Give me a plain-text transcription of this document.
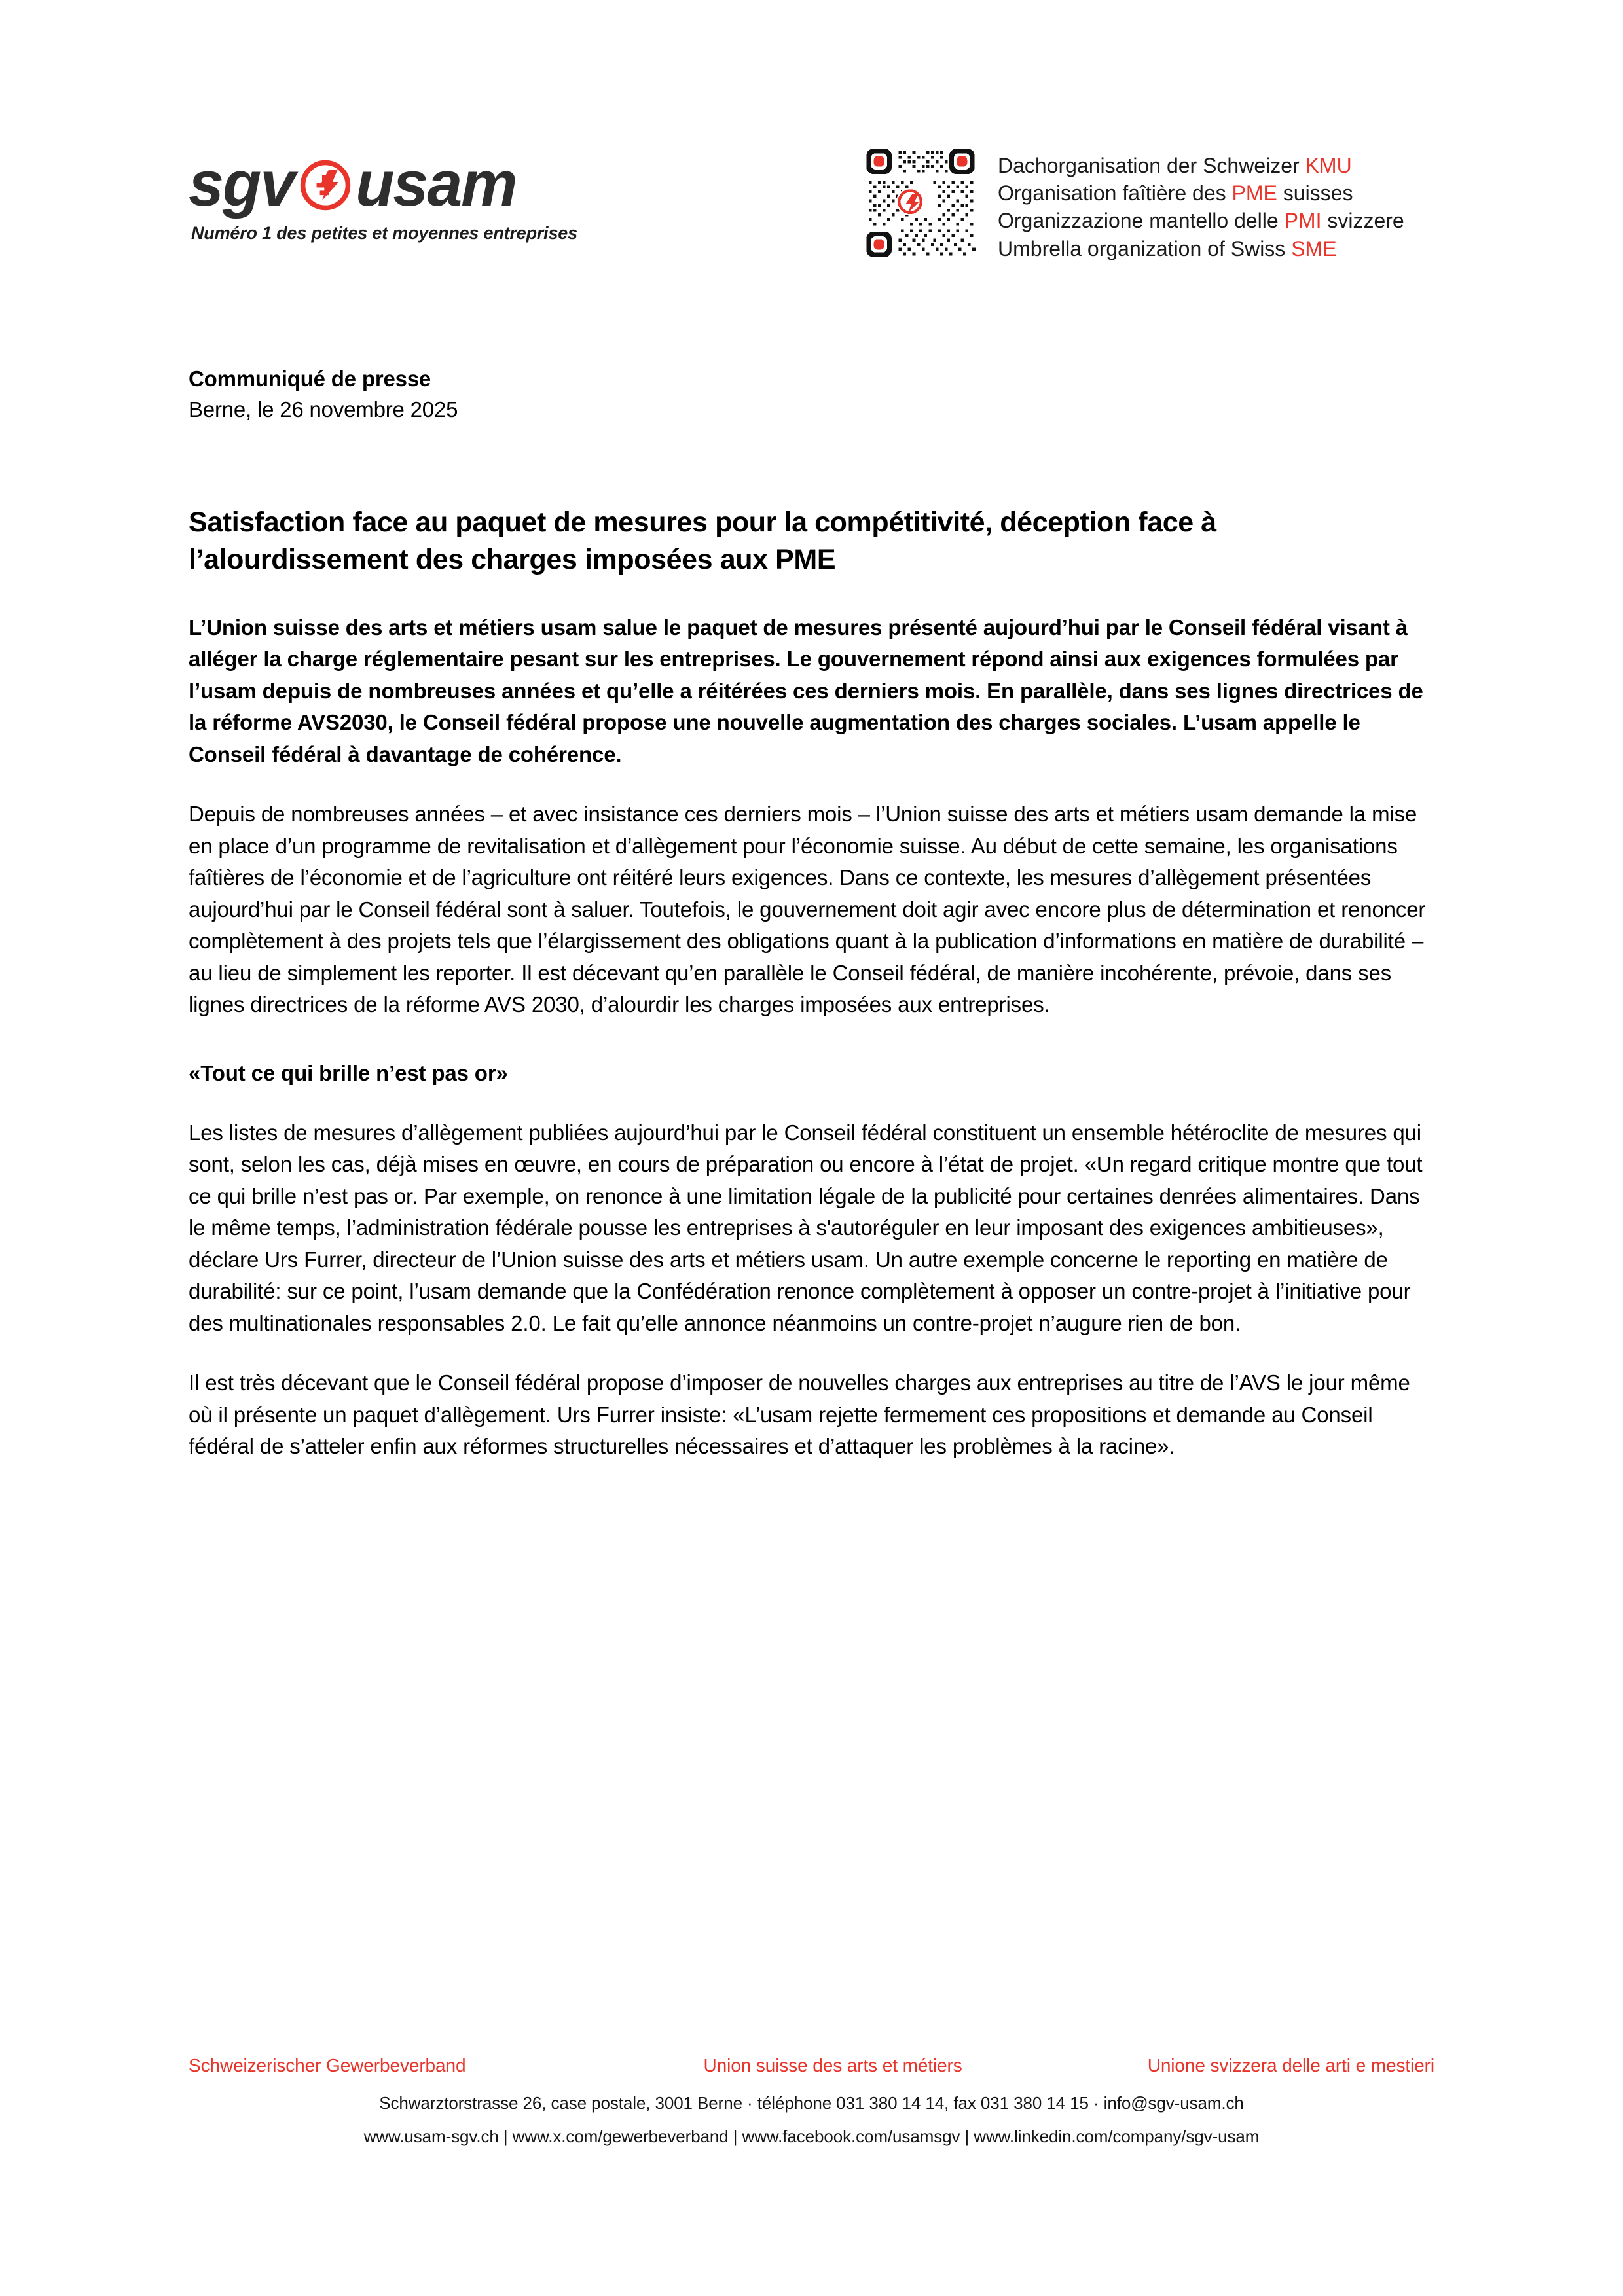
sgv usam
Numéro 1 des petites et moyennes entreprises
Dachorganisation der Schweizer KMU
Organisation faîtière des PME suisses
Organizzazione mantello delle PMI svizzere
Umbrella organization of Swiss SME
Communiqué de presse
Berne, le 26 novembre 2025
Satisfaction face au paquet de mesures pour la compétitivité, déception face à l’alourdissement des charges imposées aux PME

L’Union suisse des arts et métiers usam salue le paquet de mesures présenté aujourd’hui par le Conseil fédéral visant à alléger la charge réglementaire pesant sur les entreprises. Le gouvernement répond ainsi aux exigences formulées par l’usam depuis de nombreuses années et qu’elle a réitérées ces derniers mois. En parallèle, dans ses lignes directrices de la réforme AVS2030, le Conseil fédéral propose une nouvelle augmentation des charges sociales. L’usam appelle le Conseil fédéral à davantage de cohérence.

Depuis de nombreuses années – et avec insistance ces derniers mois – l’Union suisse des arts et métiers usam demande la mise en place d’un programme de revitalisation et d’allègement pour l’économie suisse. Au début de cette semaine, les organisations faîtières de l’économie et de l’agriculture ont réitéré leurs exigences. Dans ce contexte, les mesures d’allègement présentées aujourd’hui par le Conseil fédéral sont à saluer. Toutefois, le gouvernement doit agir avec encore plus de détermination et renoncer complètement à des projets tels que l’élargissement des obligations quant à la publication d’informations en matière de durabilité – au lieu de simplement les reporter. Il est décevant qu’en parallèle le Conseil fédéral, de manière incohérente, prévoie, dans ses lignes directrices de la réforme AVS 2030, d’alourdir les charges imposées aux entreprises.

«Tout ce qui brille n’est pas or»

Les listes de mesures d’allègement publiées aujourd’hui par le Conseil fédéral constituent un ensemble hétéroclite de mesures qui sont, selon les cas, déjà mises en œuvre, en cours de préparation ou encore à l’état de projet. «Un regard critique montre que tout ce qui brille n’est pas or. Par exemple, on renonce à une limitation légale de la publicité pour certaines denrées alimentaires. Dans le même temps, l’administration fédérale pousse les entreprises à s'autoréguler en leur imposant des exigences ambitieuses», déclare Urs Furrer, directeur de l’Union suisse des arts et métiers usam. Un autre exemple concerne le reporting en matière de durabilité: sur ce point, l’usam demande que la Confédération renonce complètement à opposer un contre-projet à l’initiative pour des multinationales responsables 2.0. Le fait qu’elle annonce néanmoins un contre-projet n’augure rien de bon.

Il est très décevant que le Conseil fédéral propose d’imposer de nouvelles charges aux entreprises au titre de l’AVS le jour même où il présente un paquet d’allègement. Urs Furrer insiste: «L’usam rejette fermement ces propositions et demande au Conseil fédéral de s’atteler enfin aux réformes structurelles nécessaires et d’attaquer les problèmes à la racine».

Schweizerischer Gewerbeverband	Union suisse des arts et métiers	Unione svizzera delle arti e mestieri
Schwarztorstrasse 26, case postale, 3001 Berne · téléphone 031 380 14 14, fax 031 380 14 15 · info@sgv-usam.ch
www.usam-sgv.ch | www.x.com/gewerbeverband | www.facebook.com/usamsgv | www.linkedin.com/company/sgv-usam
